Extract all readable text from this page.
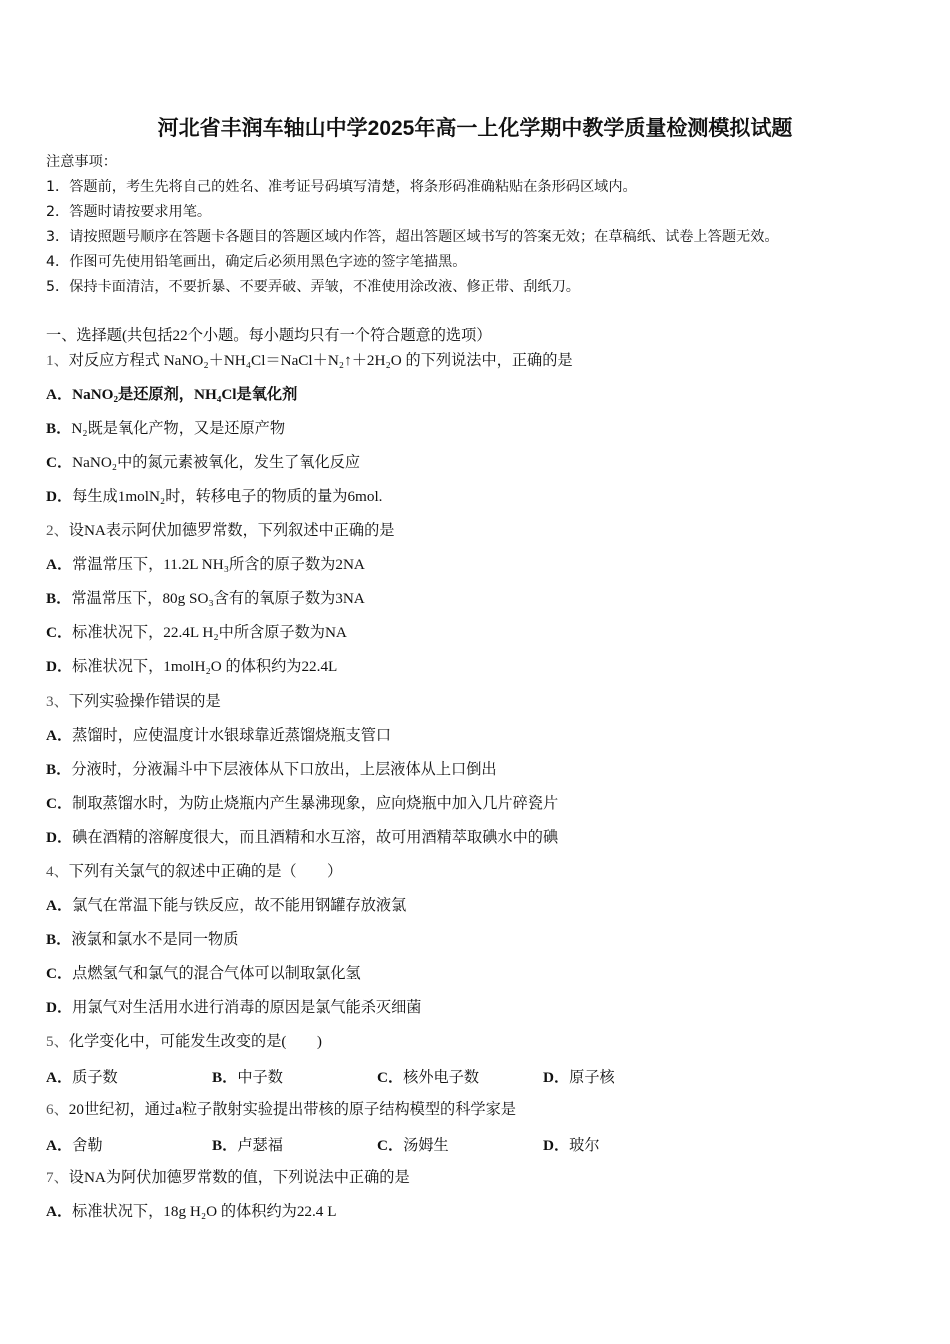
河北省丰润车轴山中学2025年高一上化学期中教学质量检测模拟试题
注意事项：
1．答题前，考生先将自己的姓名、准考证号码填写清楚，将条形码准确粘贴在条形码区域内。
2．答题时请按要求用笔。
3．请按照题号顺序在答题卡各题目的答题区域内作答，超出答题区域书写的答案无效；在草稿纸、试卷上答题无效。
4．作图可先使用铅笔画出，确定后必须用黑色字迹的签字笔描黑。
5．保持卡面清洁，不要折暴、不要弄破、弄皱，不准使用涂改液、修正带、刮纸刀。
一、选择题(共包括22个小题。每小题均只有一个符合题意的选项）
1、对反应方程式 NaNO₂＋NH₄Cl＝NaCl＋N₂↑＋2H₂O 的下列说法中，正确的是
A．NaNO₂是还原剂，NH₄Cl是氧化剂
B．N₂既是氧化产物，又是还原产物
C．NaNO₂中的氮元素被氧化，发生了氧化反应
D．每生成1molN₂时，转移电子的物质的量为6mol.
2、设NA表示阿伏加德罗常数，下列叙述中正确的是
A．常温常压下，11.2L NH₃所含的原子数为2NA
B．常温常压下，80g SO₃含有的氧原子数为3NA
C．标准状况下，22.4L H₂中所含原子数为NA
D．标准状况下，1molH₂O 的体积约为22.4L
3、下列实验操作错误的是
A．蒸馏时，应使温度计水银球靠近蒸馏烧瓶支管口
B．分液时，分液漏斗中下层液体从下口放出，上层液体从上口倒出
C．制取蒸馏水时，为防止烧瓶内产生暴沸现象，应向烧瓶中加入几片碎瓷片
D．碘在酒精的溶解度很大，而且酒精和水互溶，故可用酒精萃取碘水中的碘
4、下列有关氯气的叙述中正确的是（　　）
A．氯气在常温下能与铁反应，故不能用钢罐存放液氯
B．液氯和氯水不是同一物质
C．点燃氢气和氯气的混合气体可以制取氯化氢
D．用氯气对生活用水进行消毒的原因是氯气能杀灭细菌
5、化学变化中，可能发生改变的是(　　)
A．质子数	B．中子数	C．核外电子数	D．原子核
6、20世纪初，通过a粒子散射实验提出带核的原子结构模型的科学家是
A．舍勒	B．卢瑟福	C．汤姆生	D．玻尔
7、设NA为阿伏加德罗常数的值，下列说法中正确的是
A．标准状况下，18g H₂O 的体积约为22.4 L
